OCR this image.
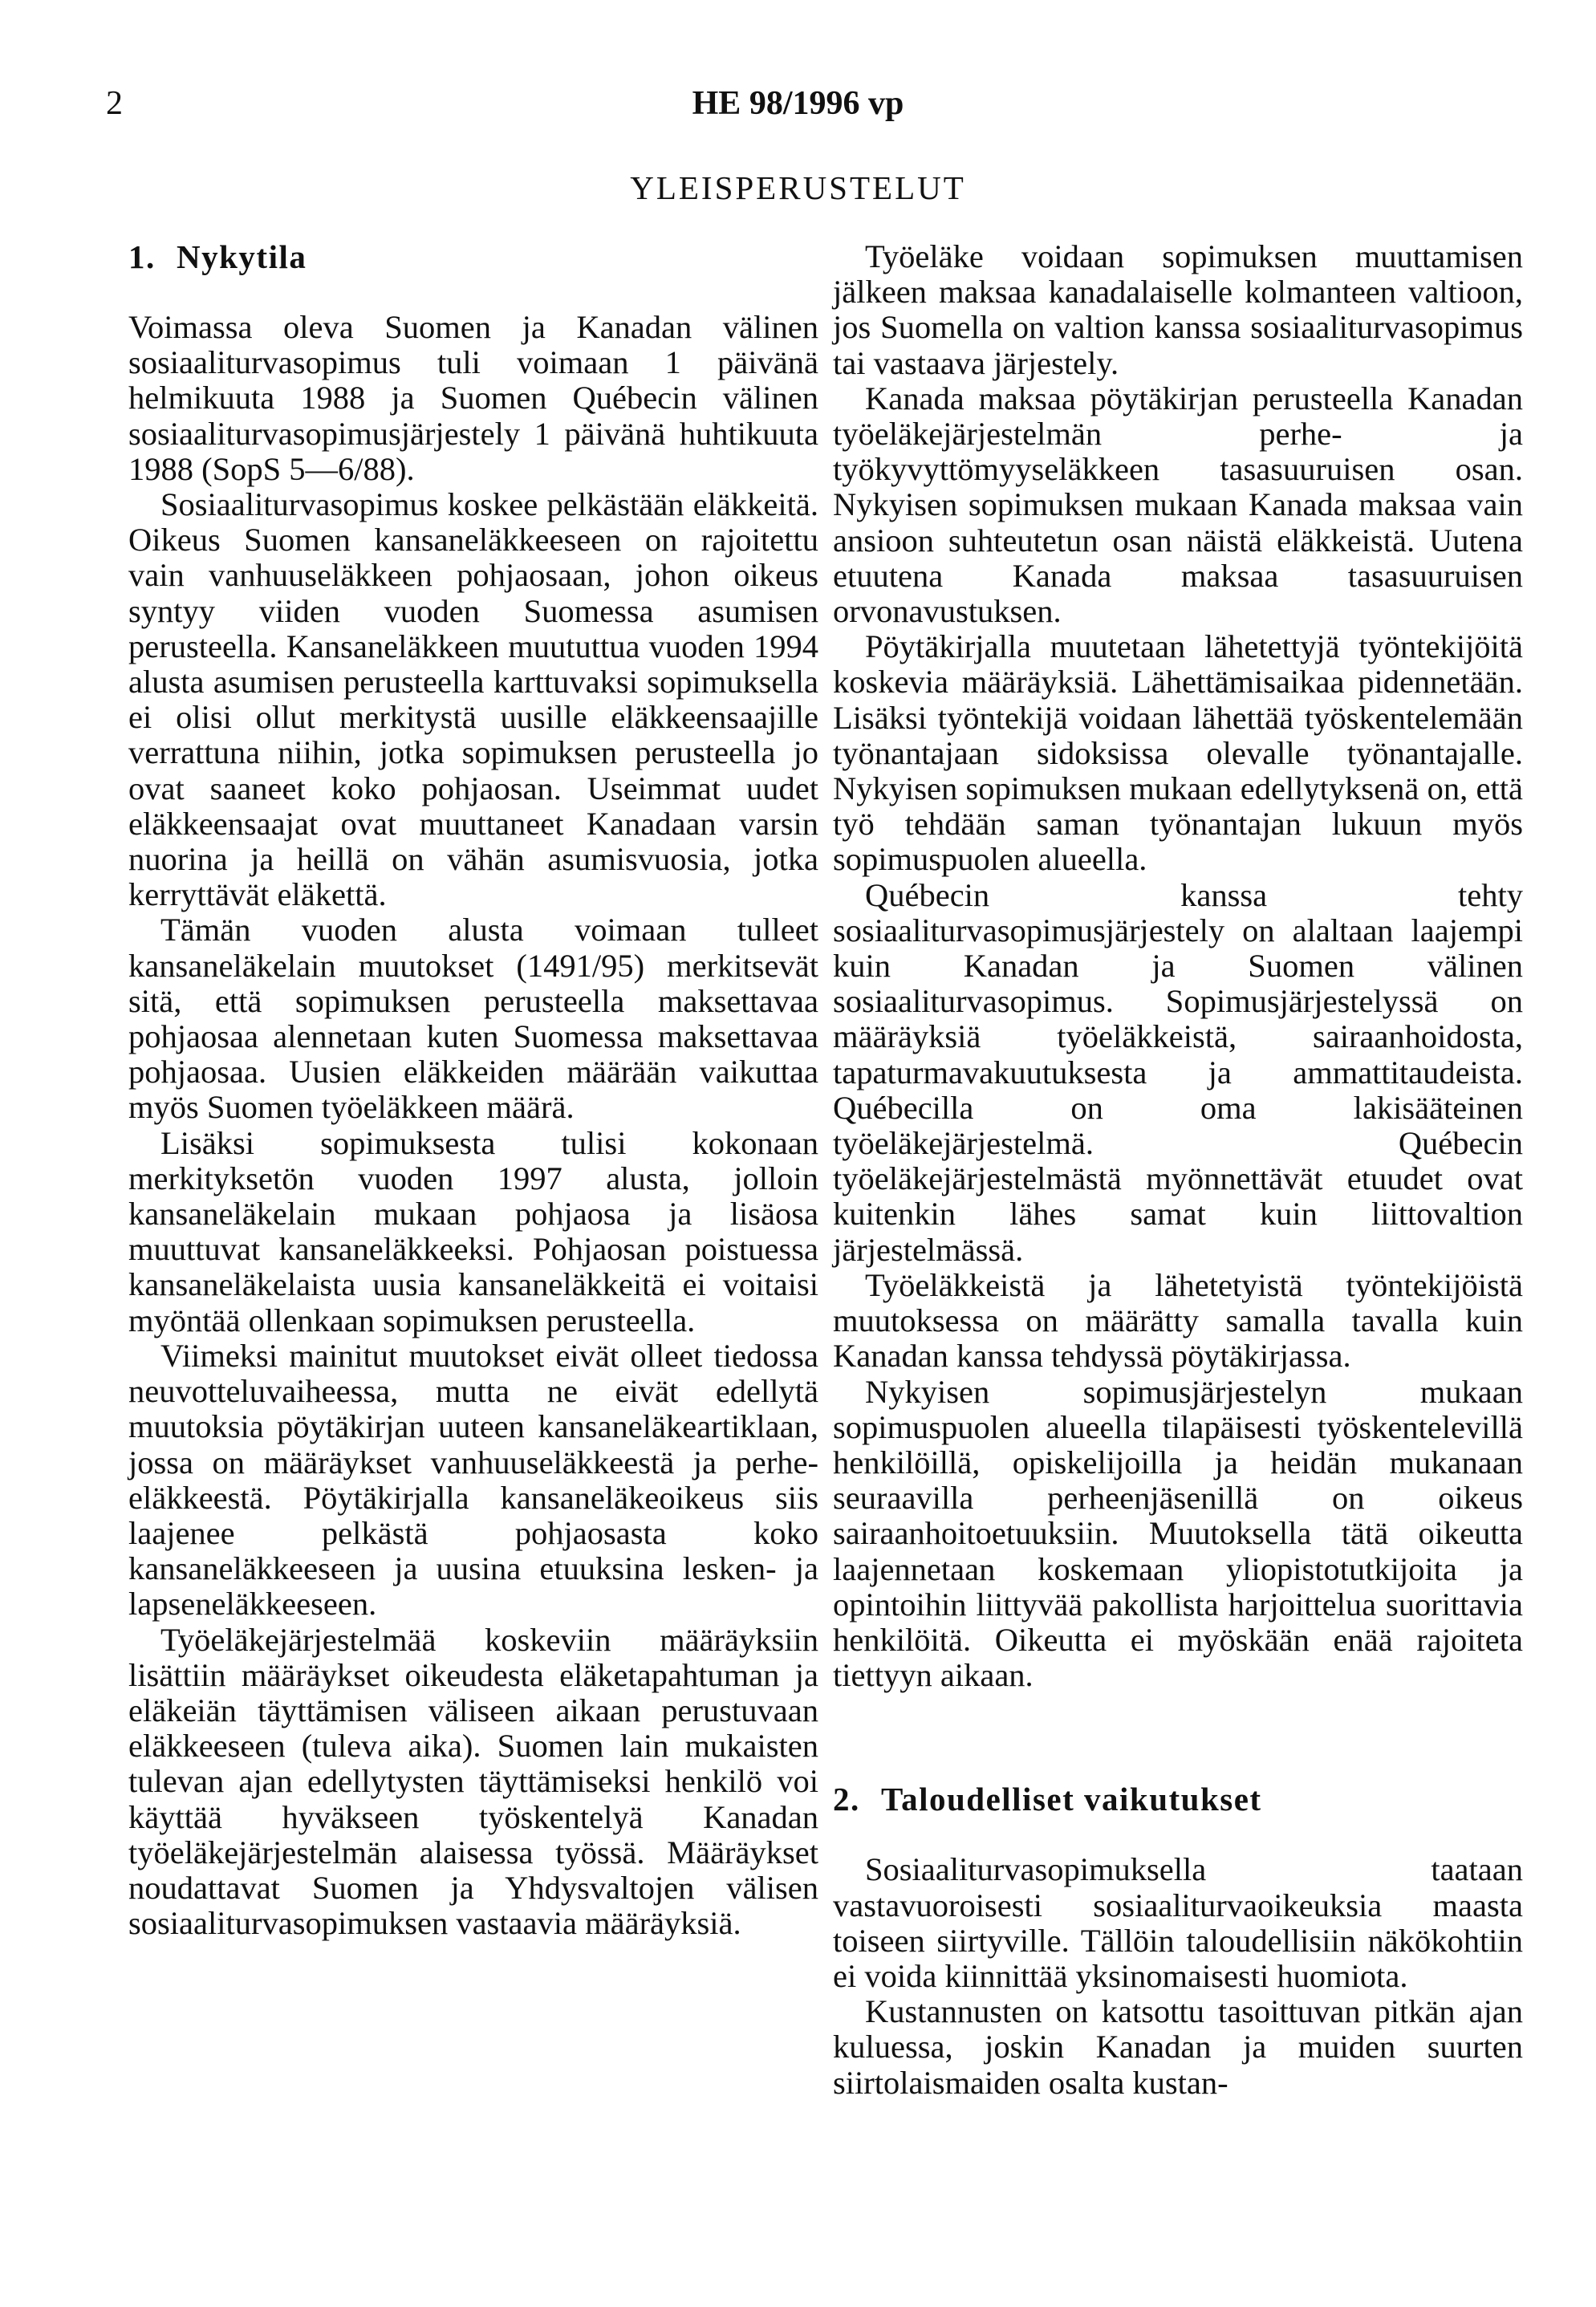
2	HE 98/1996 vp
YLEISPERUSTELUT
1. Nykytila

Voimassa oleva Suomen ja Kanadan välinen sosiaaliturvasopimus tuli voimaan 1 päivänä helmikuuta 1988 ja Suomen Québecin välinen sosiaaliturvasopimusjärjestely 1 päivänä huhtikuuta 1988 (SopS 5—6/88).

Sosiaaliturvasopimus koskee pelkästään eläkkeitä. Oikeus Suomen kansaneläkkeeseen on rajoitettu vain vanhuuseläkkeen pohjaosaan, johon oikeus syntyy viiden vuoden Suomessa asumisen perusteella. Kansaneläkkeen muututtua vuoden 1994 alusta asumisen perusteella karttuvaksi sopimuksella ei olisi ollut merkitystä uusille eläkkeensaajille verrattuna niihin, jotka sopimuksen perusteella jo ovat saaneet koko pohjaosan. Useimmat uudet eläkkeensaajat ovat muuttaneet Kanadaan varsin nuorina ja heillä on vähän asumisvuosia, jotka kerryttävät eläkettä.

Tämän vuoden alusta voimaan tulleet kansaneläkelain muutokset (1491/95) merkitsevät sitä, että sopimuksen perusteella maksettavaa pohjaosaa alennetaan kuten Suomessa maksettavaa pohjaosaa. Uusien eläkkeiden määrään vaikuttaa myös Suomen työeläkkeen määrä.

Lisäksi sopimuksesta tulisi kokonaan merkityksetön vuoden 1997 alusta, jolloin kansaneläkelain mukaan pohjaosa ja lisäosa muuttuvat kansaneläkkeeksi. Pohjaosan poistuessa kansaneläkelaista uusia kansaneläkkeitä ei voitaisi myöntää ollenkaan sopimuksen perusteella.

Viimeksi mainitut muutokset eivät olleet tiedossa neuvotteluvaiheessa, mutta ne eivät edellytä muutoksia pöytäkirjan uuteen kansaneläkeartiklaan, jossa on määräykset vanhuuseläkkeestä ja perhe-eläkkeestä. Pöytäkirjalla kansaneläkeoikeus siis laajenee pelkästä pohjaosasta koko kansaneläkkeeseen ja uusina etuuksina lesken- ja lapseneläkkeeseen.

Työeläkejärjestelmää koskeviin määräyksiin lisättiin määräykset oikeudesta eläketapahtuman ja eläkeiän täyttämisen väliseen aikaan perustuvaan eläkkeeseen (tuleva aika). Suomen lain mukaisten tulevan ajan edellytysten täyttämiseksi henkilö voi käyttää hyväkseen työskentelyä Kanadan työeläkejärjestelmän alaisessa työssä. Määräykset noudattavat Suomen ja Yhdysvaltojen välisen sosiaaliturvasopimuksen vastaavia määräyksiä.

Työeläke voidaan sopimuksen muuttamisen jälkeen maksaa kanadalaiselle kolmanteen valtioon, jos Suomella on valtion kanssa sosiaaliturvasopimus tai vastaava järjestely.

Kanada maksaa pöytäkirjan perusteella Kanadan työeläkejärjestelmän perhe- ja työkyvyttömyyseläkkeen tasasuuruisen osan. Nykyisen sopimuksen mukaan Kanada maksaa vain ansioon suhteutetun osan näistä eläkkeistä. Uutena etuutena Kanada maksaa tasasuuruisen orvonavustuksen.

Pöytäkirjalla muutetaan lähetettyjä työntekijöitä koskevia määräyksiä. Lähettämisaikaa pidennetään. Lisäksi työntekijä voidaan lähettää työskentelemään työnantajaan sidoksissa olevalle työnantajalle. Nykyisen sopimuksen mukaan edellytyksenä on, että työ tehdään saman työnantajan lukuun myös sopimuspuolen alueella.

Québecin kanssa tehty sosiaaliturvasopimusjärjestely on alaltaan laajempi kuin Kanadan ja Suomen välinen sosiaaliturvasopimus. Sopimusjärjestelyssä on määräyksiä työeläkkeistä, sairaanhoidosta, tapaturmavakuutuksesta ja ammattitaudeista. Québecilla on oma lakisääteinen työeläkejärjestelmä. Québecin työeläkejärjestelmästä myönnettävät etuudet ovat kuitenkin lähes samat kuin liittovaltion järjestelmässä.

Työeläkkeistä ja lähetetyistä työntekijöistä muutoksessa on määrätty samalla tavalla kuin Kanadan kanssa tehdyssä pöytäkirjassa.

Nykyisen sopimusjärjestelyn mukaan sopimuspuolen alueella tilapäisesti työskentelevillä henkilöillä, opiskelijoilla ja heidän mukanaan seuraavilla perheenjäsenillä on oikeus sairaanhoitoetuuksiin. Muutoksella tätä oikeutta laajennetaan koskemaan yliopistotutkijoita ja opintoihin liittyvää pakollista harjoittelua suorittavia henkilöitä. Oikeutta ei myöskään enää rajoiteta tiettyyn aikaan.

2. Taloudelliset vaikutukset

Sosiaaliturvasopimuksella taataan vastavuoroisesti sosiaaliturvaoikeuksia maasta toiseen siirtyville. Tällöin taloudellisiin näkökohtiin ei voida kiinnittää yksinomaisesti huomiota.

Kustannusten on katsottu tasoittuvan pitkän ajan kuluessa, joskin Kanadan ja muiden suurten siirtolaismaiden osalta kustan-
